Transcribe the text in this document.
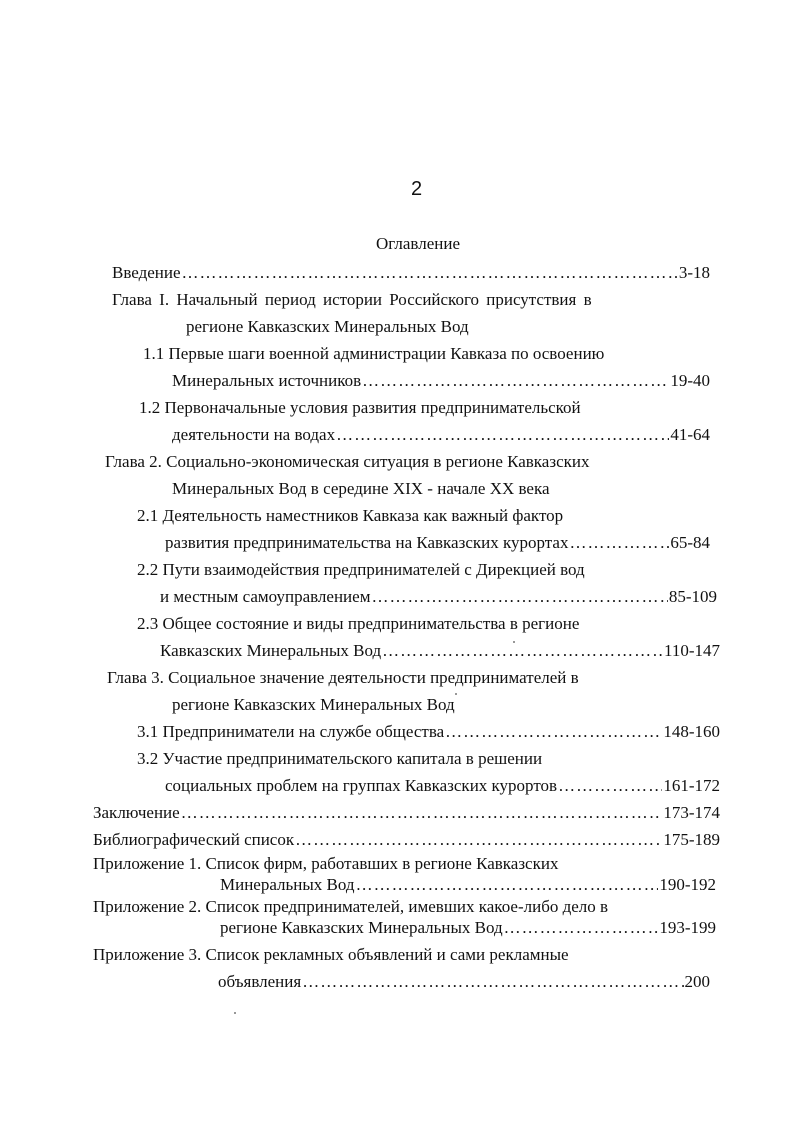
2
Оглавление
Введение …………………………………………………………………………………………………………………………………………………………………………………………	3-18
Глава I. Начальный период истории Российского присутствия в
регионе Кавказских Минеральных Вод
1.1 Первые шаги военной администрации Кавказа по освоению
Минеральных источников …………………………………………………………………………………………………………………………………………………………………………………………	19-40
1.2 Первоначальные условия развития предпринимательской
деятельности на водах …………………………………………………………………………………………………………………………………………………………………………………………	41-64
Глава 2. Социально-экономическая ситуация в регионе Кавказских
Минеральных Вод в середине XIX - начале XX века
2.1 Деятельность наместников Кавказа как важный фактор
развития предпринимательства на Кавказских курортах …………………………………………………………………………………………………………………………………………………………………………………………	65-84
2.2 Пути взаимодействия предпринимателей с Дирекцией вод
и местным самоуправлением …………………………………………………………………………………………………………………………………………………………………………………………	85-109
2.3 Общее состояние и виды предпринимательства в регионе
Кавказских Минеральных Вод …………………………………………………………………………………………………………………………………………………………………………………………	110-147
Глава 3. Социальное значение деятельности предпринимателей в
регионе Кавказских Минеральных Вод
3.1 Предприниматели на службе общества …………………………………………………………………………………………………………………………………………………………………………………………	148-160
3.2 Участие предпринимательского капитала в решении
социальных проблем на группах Кавказских курортов …………………………………………………………………………………………………………………………………………………………………………………………	161-172
Заключение …………………………………………………………………………………………………………………………………………………………………………………………	173-174
Библиографический список …………………………………………………………………………………………………………………………………………………………………………………………	175-189
Приложение 1. Список фирм, работавших в регионе Кавказских
Минеральных Вод …………………………………………………………………………………………………………………………………………………………………………………………	190-192
Приложение 2. Список предпринимателей, имевших какое-либо дело в
регионе Кавказских Минеральных Вод …………………………………………………………………………………………………………………………………………………………………………………………	193-199
Приложение 3. Список рекламных объявлений и сами рекламные
объявления …………………………………………………………………………………………………………………………………………………………………………………………	200
